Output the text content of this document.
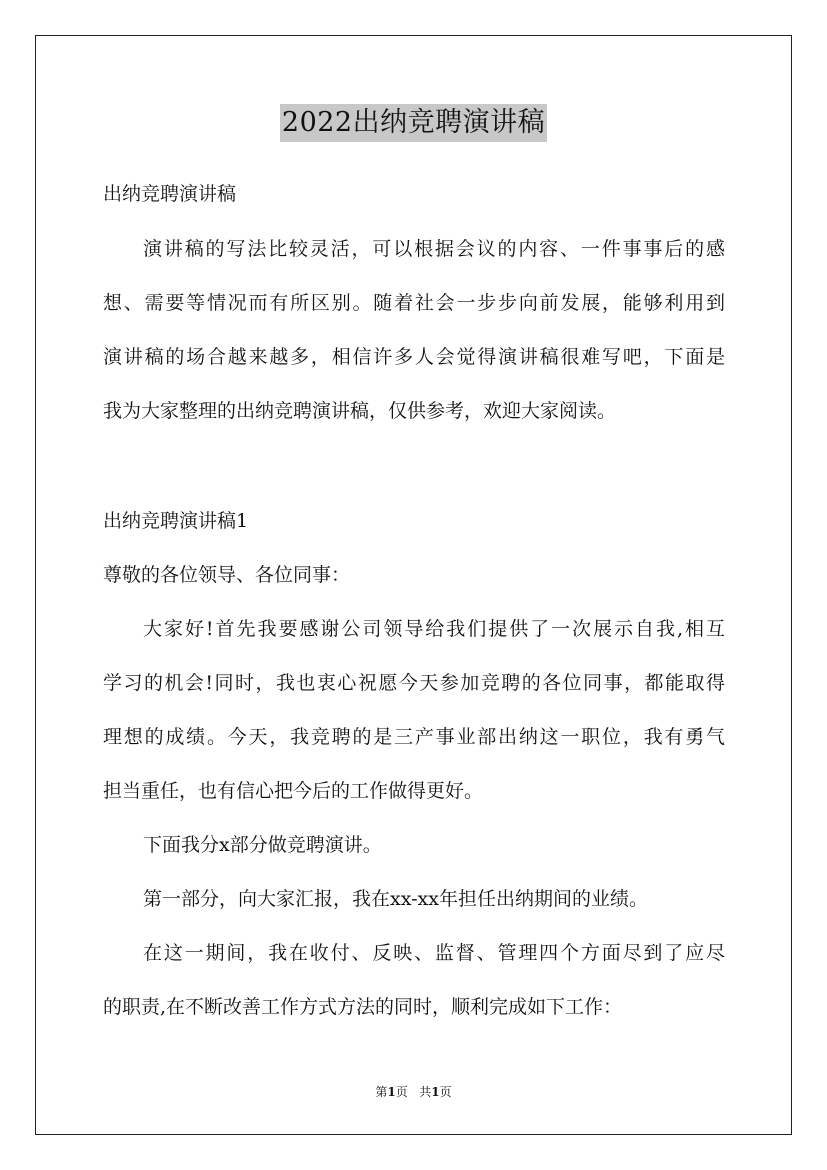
2022出纳竞聘演讲稿
出纳竞聘演讲稿
演讲稿的写法比较灵活，可以根据会议的内容、一件事事后的感
想、需要等情况而有所区别。随着社会一步步向前发展，能够利用到
演讲稿的场合越来越多，相信许多人会觉得演讲稿很难写吧，下面是
我为大家整理的出纳竞聘演讲稿，仅供参考，欢迎大家阅读。
出纳竞聘演讲稿1
尊敬的各位领导、各位同事：
大家好!首先我要感谢公司领导给我们提供了一次展示自我,相互
学习的机会!同时，我也衷心祝愿今天参加竞聘的各位同事，都能取得
理想的成绩。今天，我竞聘的是三产事业部出纳这一职位，我有勇气
担当重任，也有信心把今后的工作做得更好。
下面我分x部分做竞聘演讲。
第一部分，向大家汇报，我在xx-xx年担任出纳期间的业绩。
在这一期间，我在收付、反映、监督、管理四个方面尽到了应尽
的职责,在不断改善工作方式方法的同时，顺利完成如下工作：
第1页 共1页
